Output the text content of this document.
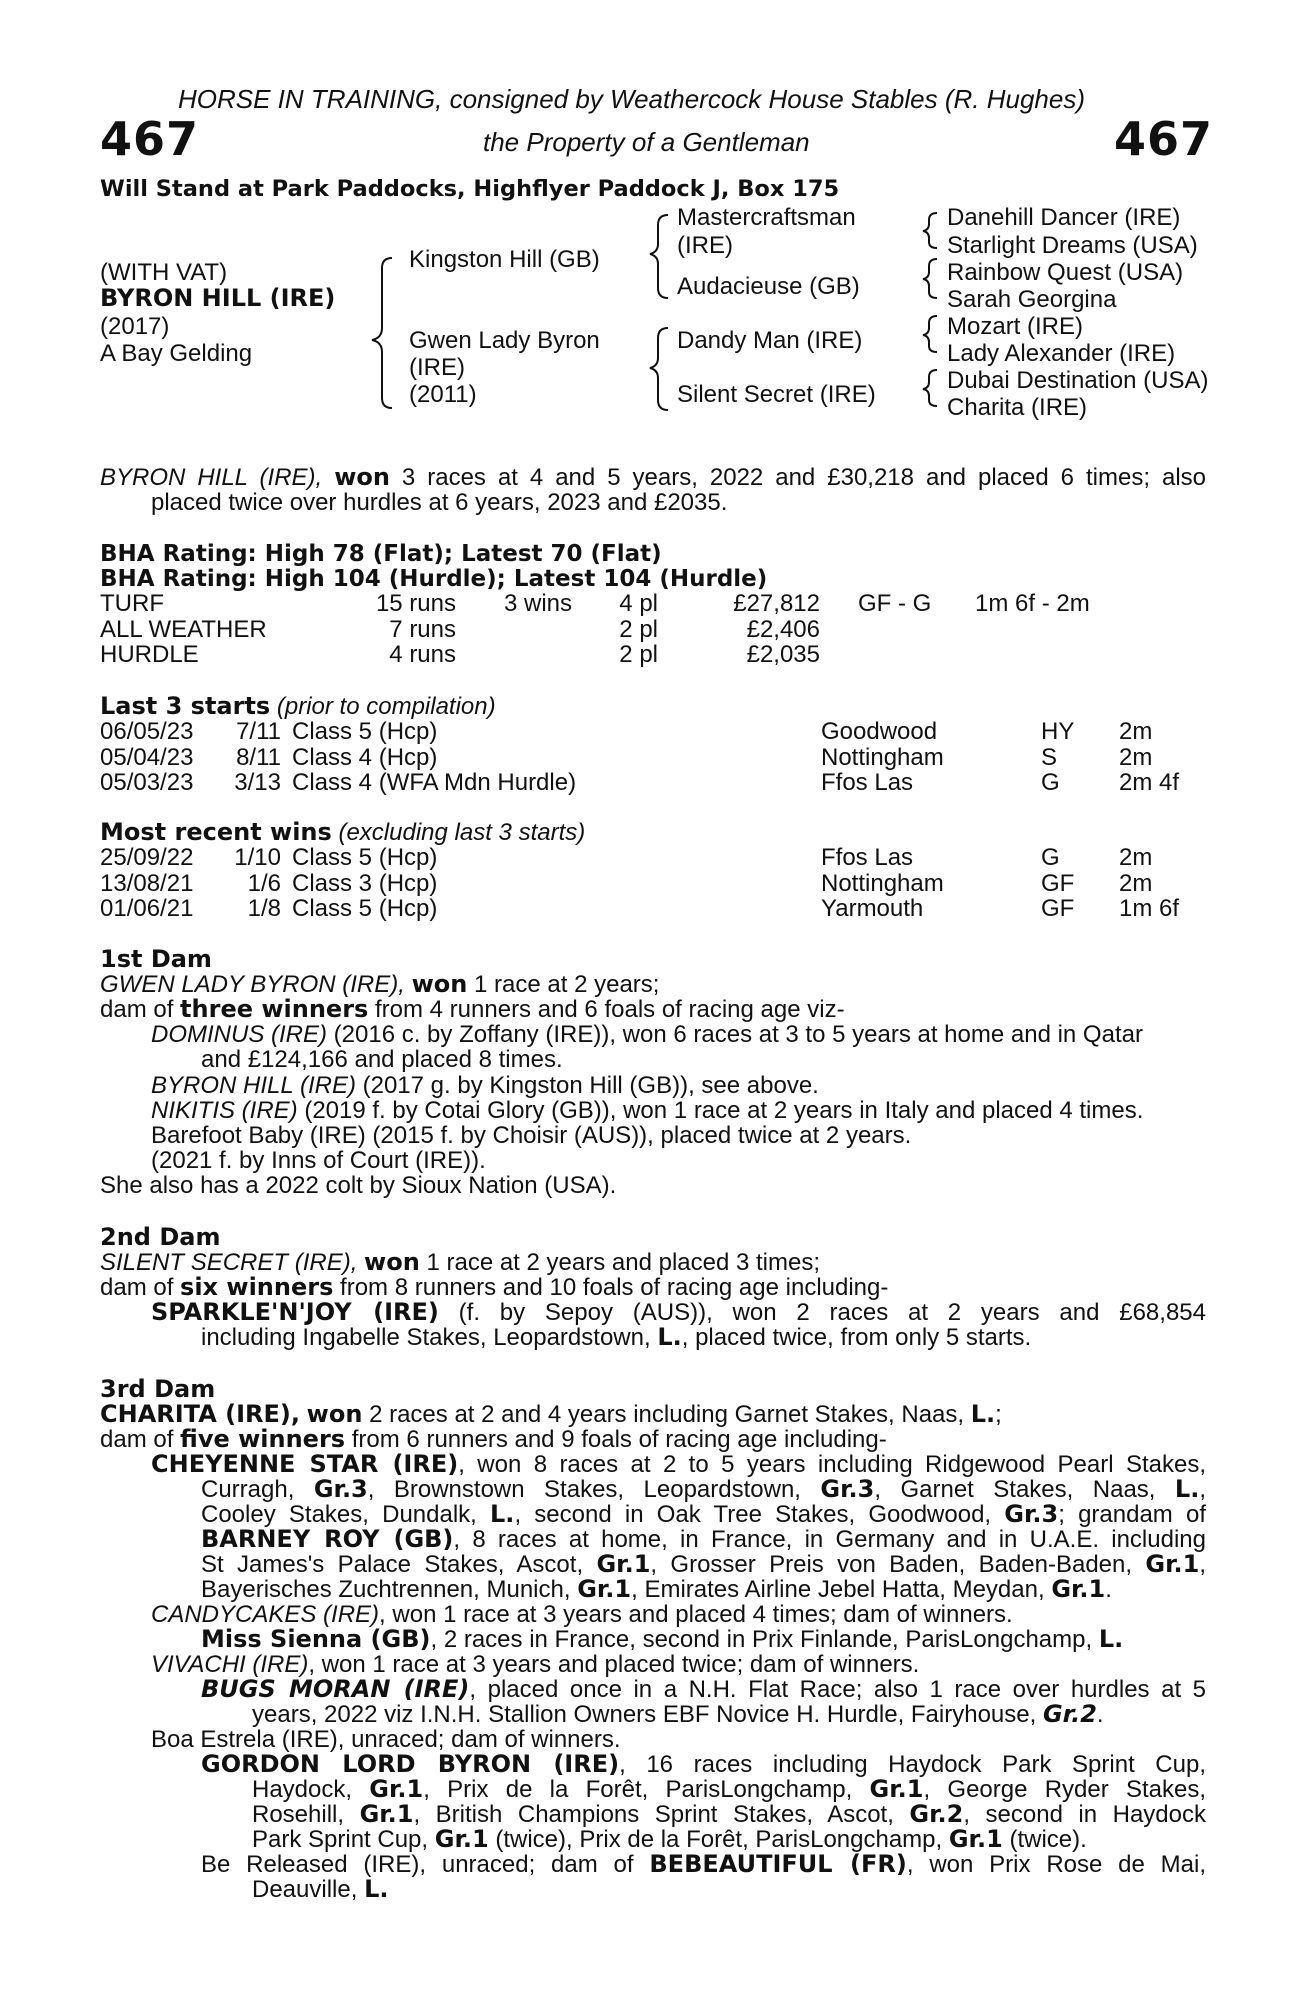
HORSE IN TRAINING, consigned by Weathercock House Stables (R. Hughes)
467	the Property of a Gentleman	467
Will Stand at Park Paddocks, Highflyer Paddock J, Box 175
(WITH VAT)
BYRON HILL (IRE)
(2017)
A Bay Gelding
Kingston Hill (GB)
Gwen Lady Byron
(IRE)
(2011)
Mastercraftsman
(IRE)
Audacieuse (GB)
Dandy Man (IRE)
Silent Secret (IRE)
Danehill Dancer (IRE)
Starlight Dreams (USA)
Rainbow Quest (USA)
Sarah Georgina
Mozart (IRE)
Lady Alexander (IRE)
Dubai Destination (USA)
Charita (IRE)
BYRON HILL (IRE), won 3 races at 4 and 5 years, 2022 and £30,218 and placed 6 times; also
placed twice over hurdles at 6 years, 2023 and £2035.
BHA Rating: High 78 (Flat); Latest 70 (Flat)
BHA Rating: High 104 (Hurdle); Latest 104 (Hurdle)
TURF	15 runs	3 wins	4 pl	£27,812 GF - G 1m 6f - 2m
ALL WEATHER	7 runs	2 pl	£2,406
HURDLE	4 runs	2 pl	£2,035
Last 3 starts (prior to compilation)
06/05/23	7/11 Class 5 (Hcp)	Goodwood	HY 2m
05/04/23	8/11 Class 4 (Hcp)	Nottingham	S	2m
05/03/23	3/13 Class 4 (WFA Mdn Hurdle)	Ffos Las	G 2m 4f
Most recent wins (excluding last 3 starts)
25/09/22	1/10 Class 5 (Hcp)	Ffos Las	G 2m
13/08/21	1/6 Class 3 (Hcp)	Nottingham	GF 2m
01/06/21	1/8 Class 5 (Hcp)	Yarmouth	GF 1m 6f
1st Dam
GWEN LADY BYRON (IRE), won 1 race at 2 years;
dam of three winners from 4 runners and 6 foals of racing age viz-
DOMINUS (IRE) (2016 c. by Zoffany (IRE)), won 6 races at 3 to 5 years at home and in Qatar
and £124,166 and placed 8 times.
BYRON HILL (IRE) (2017 g. by Kingston Hill (GB)), see above.
NIKITIS (IRE) (2019 f. by Cotai Glory (GB)), won 1 race at 2 years in Italy and placed 4 times.
Barefoot Baby (IRE) (2015 f. by Choisir (AUS)), placed twice at 2 years.
(2021 f. by Inns of Court (IRE)).
She also has a 2022 colt by Sioux Nation (USA).
2nd Dam
SILENT SECRET (IRE), won 1 race at 2 years and placed 3 times;
dam of six winners from 8 runners and 10 foals of racing age including-
SPARKLE'N'JOY (IRE) (f. by Sepoy (AUS)), won 2 races at 2 years and £68,854
including Ingabelle Stakes, Leopardstown, L., placed twice, from only 5 starts.
3rd Dam
CHARITA (IRE), won 2 races at 2 and 4 years including Garnet Stakes, Naas, L.;
dam of five winners from 6 runners and 9 foals of racing age including-
CHEYENNE STAR (IRE), won 8 races at 2 to 5 years including Ridgewood Pearl Stakes,
Curragh, Gr.3, Brownstown Stakes, Leopardstown, Gr.3, Garnet Stakes, Naas, L.,
Cooley Stakes, Dundalk, L., second in Oak Tree Stakes, Goodwood, Gr.3; grandam of
BARNEY ROY (GB), 8 races at home, in France, in Germany and in U.A.E. including
St James's Palace Stakes, Ascot, Gr.1, Grosser Preis von Baden, Baden-Baden, Gr.1,
Bayerisches Zuchtrennen, Munich, Gr.1, Emirates Airline Jebel Hatta, Meydan, Gr.1.
CANDYCAKES (IRE), won 1 race at 3 years and placed 4 times; dam of winners.
Miss Sienna (GB), 2 races in France, second in Prix Finlande, ParisLongchamp, L.
VIVACHI (IRE), won 1 race at 3 years and placed twice; dam of winners.
BUGS MORAN (IRE), placed once in a N.H. Flat Race; also 1 race over hurdles at 5
years, 2022 viz I.N.H. Stallion Owners EBF Novice H. Hurdle, Fairyhouse, Gr.2.
Boa Estrela (IRE), unraced; dam of winners.
GORDON LORD BYRON (IRE), 16 races including Haydock Park Sprint Cup,
Haydock, Gr.1, Prix de la Forêt, ParisLongchamp, Gr.1, George Ryder Stakes,
Rosehill, Gr.1, British Champions Sprint Stakes, Ascot, Gr.2, second in Haydock
Park Sprint Cup, Gr.1 (twice), Prix de la Forêt, ParisLongchamp, Gr.1 (twice).
Be Released (IRE), unraced; dam of BEBEAUTIFUL (FR), won Prix Rose de Mai,
Deauville, L.
